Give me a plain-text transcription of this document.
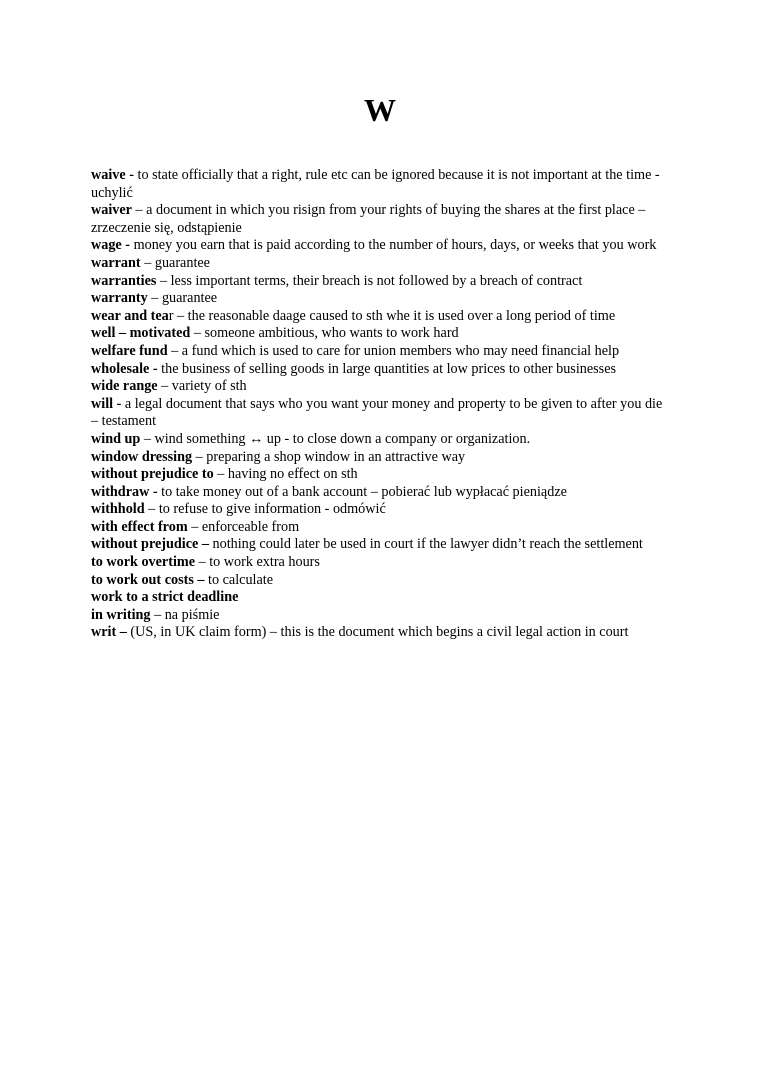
W

waive - to state officially that a right, rule etc can be ignored because it is not important at the time - uchylić

waiver – a document in which you risign from your rights of buying the shares at the first place – zrzeczenie się, odstąpienie

wage - money you earn that is paid according to the number of hours, days, or weeks that you work

warrant – guarantee

warranties – less important terms, their breach is not followed by a breach of contract

warranty – guarantee

wear and tear – the reasonable daage caused to sth whe it is used over a long period of time

well – motivated – someone ambitious, who wants to work hard

welfare fund – a fund which is used to care for union members who may need financial help

wholesale - the business of selling goods in large quantities at low prices to other businesses

wide range – variety of sth

will - a legal document that says who you want your money and property to be given to after you die – testament

wind up – wind something ↔ up - to close down a company or organization.

window dressing – preparing a shop window in an attractive way

without prejudice to – having no effect on sth

withdraw - to take money out of a bank account – pobierać lub wypłacać pieniądze

withhold – to refuse to give information - odmówić

with effect from – enforceable from

without prejudice – nothing could later be used in court if the lawyer didn’t reach the settlement

to work overtime – to work extra hours

to work out costs – to calculate

work to a strict deadline

in writing – na piśmie

writ – (US, in UK claim form) – this is the document which begins a civil legal action in court
